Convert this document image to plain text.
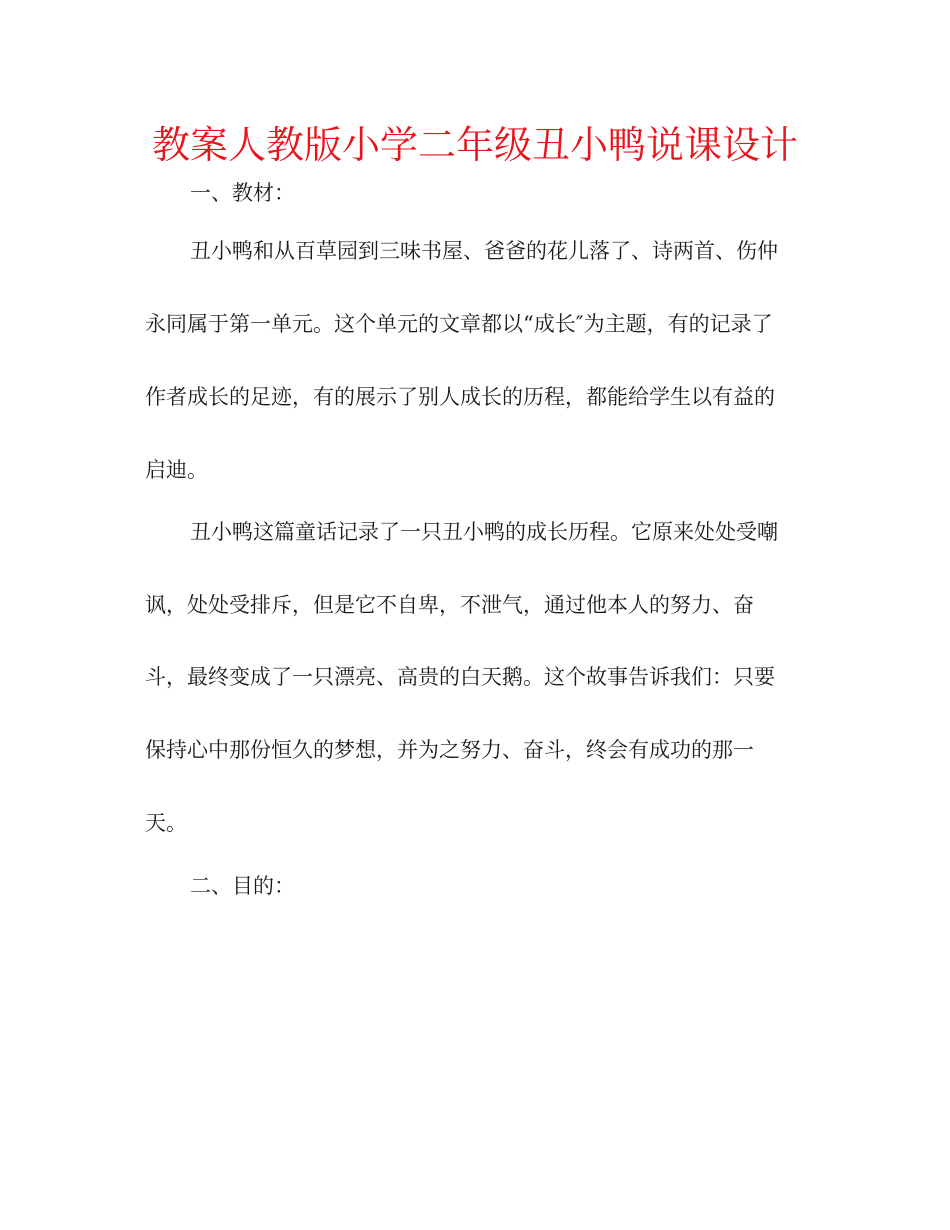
教案人教版小学二年级丑小鸭说课设计
一、教材：
丑小鸭和从百草园到三味书屋、爸爸的花儿落了、诗两首、伤仲
永同属于第一单元。这个单元的文章都以“成长″为主题，有的记录了
作者成长的足迹，有的展示了别人成长的历程，都能给学生以有益的
启迪。
丑小鸭这篇童话记录了一只丑小鸭的成长历程。它原来处处受嘲
讽，处处受排斥，但是它不自卑，不泄气，通过他本人的努力、奋
斗，最终变成了一只漂亮、高贵的白天鹅。这个故事告诉我们：只要
保持心中那份恒久的梦想，并为之努力、奋斗，终会有成功的那一
天。
二、目的：
